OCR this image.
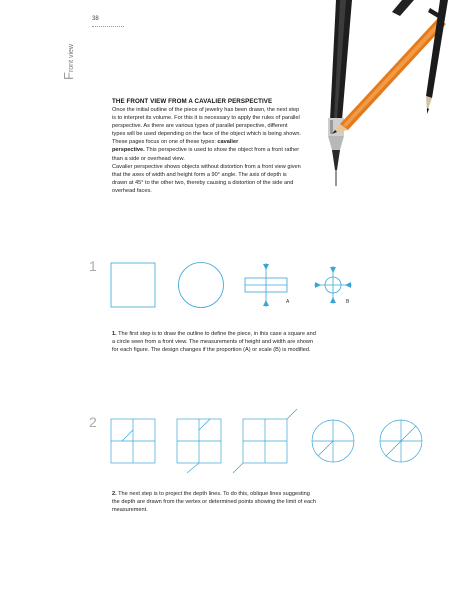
38
Front view
THE FRONT VIEW FROM A CAVALIER PERSPECTIVE
Once the initial outline of the piece of jewelry has been drawn, the next step is to interpret its volume. For this it is necessary to apply the rules of parallel perspective. As there are various types of parallel perspective, different types will be used depending on the face of the object which is being shown. These pages focus on one of these types: cavalier
perspective. This perspective is used to show the object from a front rather than a side or overhead view.
Cavalier perspective shows objects without distortion from a front view given that the axes of width and height form a 90° angle. The axis of depth is drawn at 45° to the other two, thereby causing a distortion of the side and overhead faces.
1
A	B
1. The first step is to draw the outline to define the piece, in this case a square and a circle seen from a front view. The measurements of height and width are shown for each figure. The design changes if the proportion (A) or scale (B) is modified.
2
2. The next step is to project the depth lines. To do this, oblique lines suggesting the depth are drawn from the vertex or determined points showing the limit of each measurement.
